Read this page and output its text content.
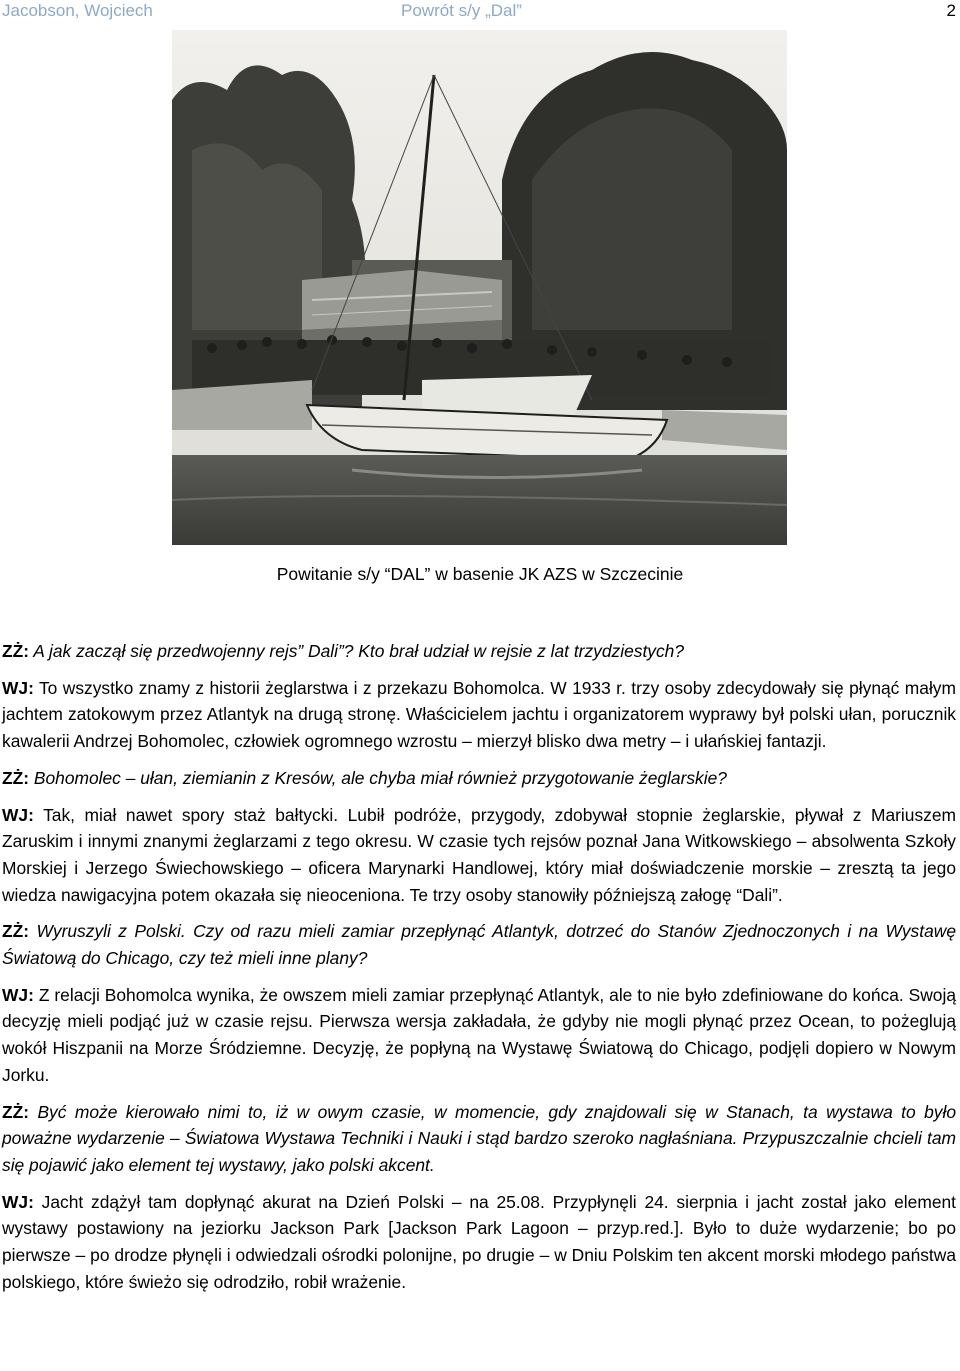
Jacobson, Wojciech	Powrót s/y „Dal”	2
Powitanie s/y “DAL” w basenie JK AZS w Szczecinie

ZŻ: A jak zaczął się przedwojenny rejs” Dali”? Kto brał udział w rejsie z lat trzydziestych?

WJ: To wszystko znamy z historii żeglarstwa i z przekazu Bohomolca. W 1933 r. trzy osoby zdecydowały się płynąć małym jachtem zatokowym przez Atlantyk na drugą stronę. Właścicielem jachtu i organizatorem wyprawy był polski ułan, porucznik kawalerii Andrzej Bohomolec, człowiek ogromnego wzrostu – mierzył blisko dwa metry – i ułańskiej fantazji.

ZŻ: Bohomolec – ułan, ziemianin z Kresów, ale chyba miał również przygotowanie żeglarskie?

WJ: Tak, miał nawet spory staż bałtycki. Lubił podróże, przygody, zdobywał stopnie żeglarskie, pływał z Mariuszem Zaruskim i innymi znanymi żeglarzami z tego okresu. W czasie tych rejsów poznał Jana Witkowskiego – absolwenta Szkoły Morskiej i Jerzego Świechowskiego – oficera Marynarki Handlowej, który miał doświadczenie morskie – zresztą ta jego wiedza nawigacyjna potem okazała się nieoceniona. Te trzy osoby stanowiły późniejszą załogę “Dali”.

ZŻ: Wyruszyli z Polski. Czy od razu mieli zamiar przepłynąć Atlantyk, dotrzeć do Stanów Zjednoczonych i na Wystawę Światową do Chicago, czy też mieli inne plany?

WJ: Z relacji Bohomolca wynika, że owszem mieli zamiar przepłynąć Atlantyk, ale to nie było zdefiniowane do końca. Swoją decyzję mieli podjąć już w czasie rejsu. Pierwsza wersja zakładała, że gdyby nie mogli płynąć przez Ocean, to pożeglują wokół Hiszpanii na Morze Śródziemne. Decyzję, że popłyną na Wystawę Światową do Chicago, podjęli dopiero w Nowym Jorku.

ZŻ: Być może kierowało nimi to, iż w owym czasie, w momencie, gdy znajdowali się w Stanach, ta wystawa to było poważne wydarzenie – Światowa Wystawa Techniki i Nauki i stąd bardzo szeroko nagłaśniana. Przypuszczalnie chcieli tam się pojawić jako element tej wystawy, jako polski akcent.

WJ: Jacht zdążył tam dopłynąć akurat na Dzień Polski – na 25.08. Przypłynęli 24. sierpnia i jacht został jako element wystawy postawiony na jeziorku Jackson Park [Jackson Park Lagoon – przyp.red.]. Było to duże wydarzenie; bo po pierwsze – po drodze płynęli i odwiedzali ośrodki polonijne, po drugie – w Dniu Polskim ten akcent morski młodego państwa polskiego, które świeżo się odrodziło, robił wrażenie.
